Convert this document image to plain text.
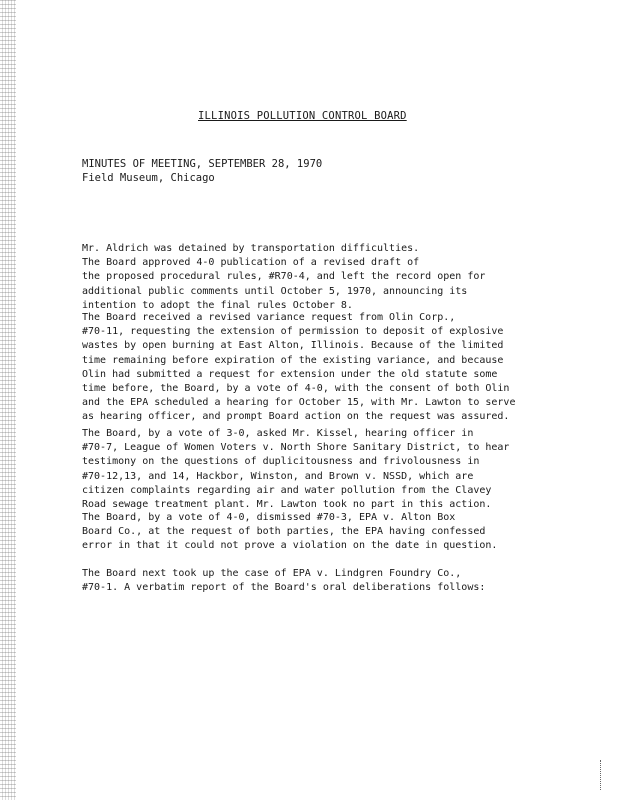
ILLINOIS POLLUTION CONTROL BOARD
MINUTES OF MEETING, SEPTEMBER 28, 1970
Field Museum, Chicago
Mr. Aldrich was detained by transportation difficulties.
The Board approved 4-0 publication of a revised draft of
the proposed procedural rules, #R70-4, and left the record open for
additional public comments until October 5, 1970, announcing its
intention to adopt the final rules October 8.
The Board received a revised variance request from Olin Corp.,
#70-11, requesting the extension of permission to deposit of explosive
wastes by open burning at East Alton, Illinois. Because of the limited
time remaining before expiration of the existing variance, and because
Olin had submitted a request for extension under the old statute some
time before, the Board, by a vote of 4-0, with the consent of both Olin
and the EPA scheduled a hearing for October 15, with Mr. Lawton to serve
as hearing officer, and prompt Board action on the request was assured.
The Board, by a vote of 3-0, asked Mr. Kissel, hearing officer in
#70-7, League of Women Voters v. North Shore Sanitary District, to hear
testimony on the questions of duplicitousness and frivolousness in
#70-12,13, and 14, Hackbor, Winston, and Brown v. NSSD, which are
citizen complaints regarding air and water pollution from the Clavey
Road sewage treatment plant. Mr. Lawton took no part in this action.
The Board, by a vote of 4-0, dismissed #70-3, EPA v. Alton Box
Board Co., at the request of both parties, the EPA having confessed
error in that it could not prove a violation on the date in question.
The Board next took up the case of EPA v. Lindgren Foundry Co.,
#70-1. A verbatim report of the Board's oral deliberations follows:
